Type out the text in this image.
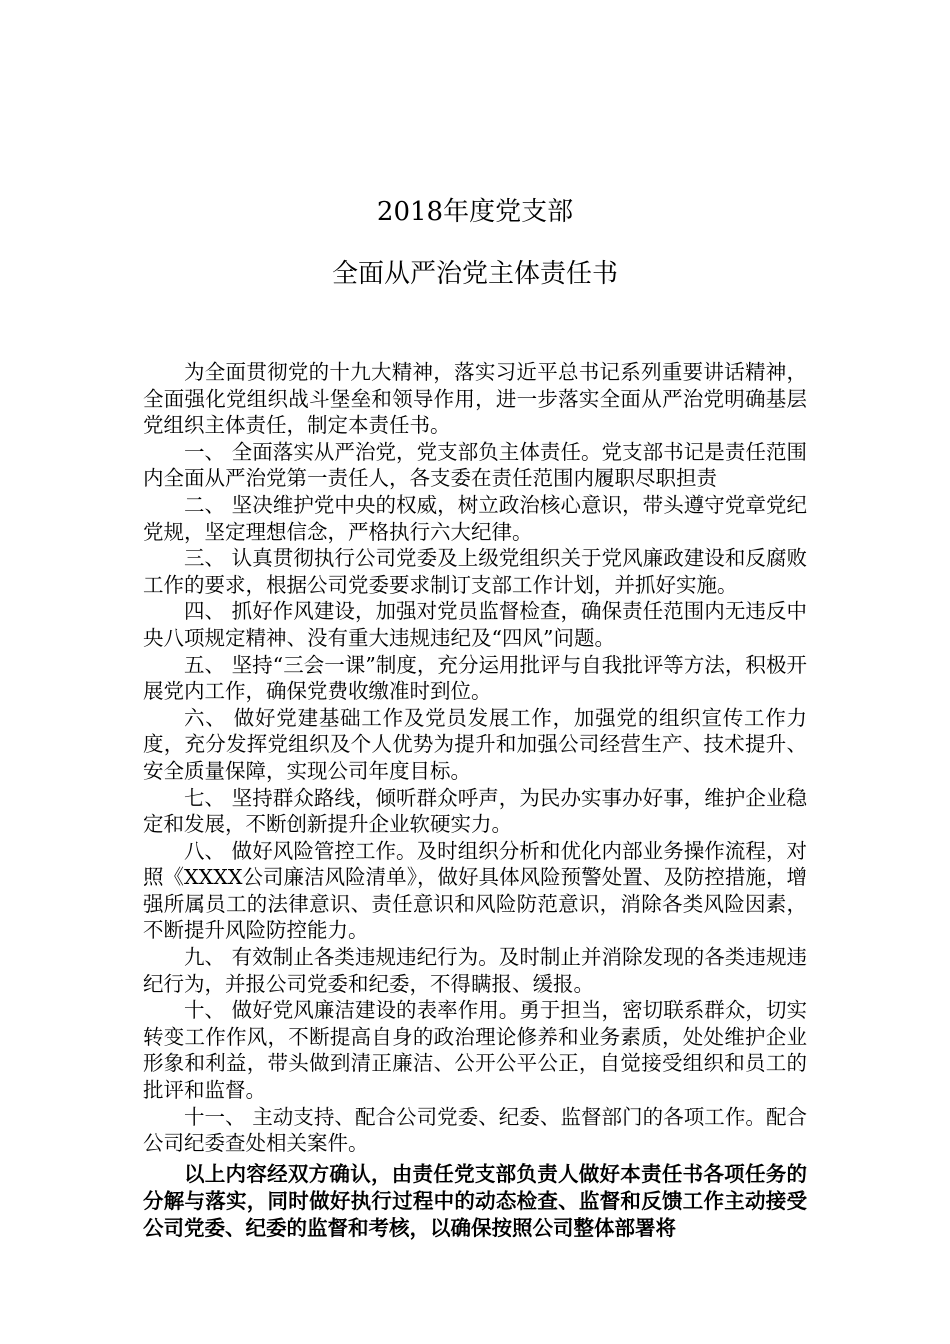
2018年度党支部
全面从严治党主体责任书

为全面贯彻党的十九大精神，落实习近平总书记系列重要讲话精神，全面强化党组织战斗堡垒和领导作用，进一步落实全面从严治党明确基层党组织主体责任，制定本责任书。

一、 全面落实从严治党，党支部负主体责任。党支部书记是责任范围内全面从严治党第一责任人，各支委在责任范围内履职尽职担责

二、 坚决维护党中央的权威，树立政治核心意识，带头遵守党章党纪党规，坚定理想信念，严格执行六大纪律。

三、 认真贯彻执行公司党委及上级党组织关于党风廉政建设和反腐败工作的要求，根据公司党委要求制订支部工作计划，并抓好实施。

四、 抓好作风建设，加强对党员监督检查，确保责任范围内无违反中央八项规定精神、没有重大违规违纪及“四风”问题。

五、 坚持“三会一课”制度，充分运用批评与自我批评等方法，积极开展党内工作，确保党费收缴准时到位。

六、 做好党建基础工作及党员发展工作，加强党的组织宣传工作力度，充分发挥党组织及个人优势为提升和加强公司经营生产、技术提升、安全质量保障，实现公司年度目标。

七、 坚持群众路线，倾听群众呼声，为民办实事办好事，维护企业稳定和发展，不断创新提升企业软硬实力。

八、 做好风险管控工作。及时组织分析和优化内部业务操作流程，对照《XXXX公司廉洁风险清单》，做好具体风险预警处置、及防控措施，增强所属员工的法律意识、责任意识和风险防范意识，消除各类风险因素，不断提升风险防控能力。

九、 有效制止各类违规违纪行为。及时制止并消除发现的各类违规违纪行为，并报公司党委和纪委，不得瞒报、缓报。

十、 做好党风廉洁建设的表率作用。勇于担当，密切联系群众，切实转变工作作风，不断提高自身的政治理论修养和业务素质，处处维护企业形象和利益，带头做到清正廉洁、公开公平公正，自觉接受组织和员工的批评和监督。

十一、 主动支持、配合公司党委、纪委、监督部门的各项工作。配合公司纪委查处相关案件。

以上内容经双方确认，由责任党支部负责人做好本责任书各项任务的分解与落实，同时做好执行过程中的动态检查、监督和反馈工作主动接受公司党委、纪委的监督和考核，以确保按照公司整体部署将
